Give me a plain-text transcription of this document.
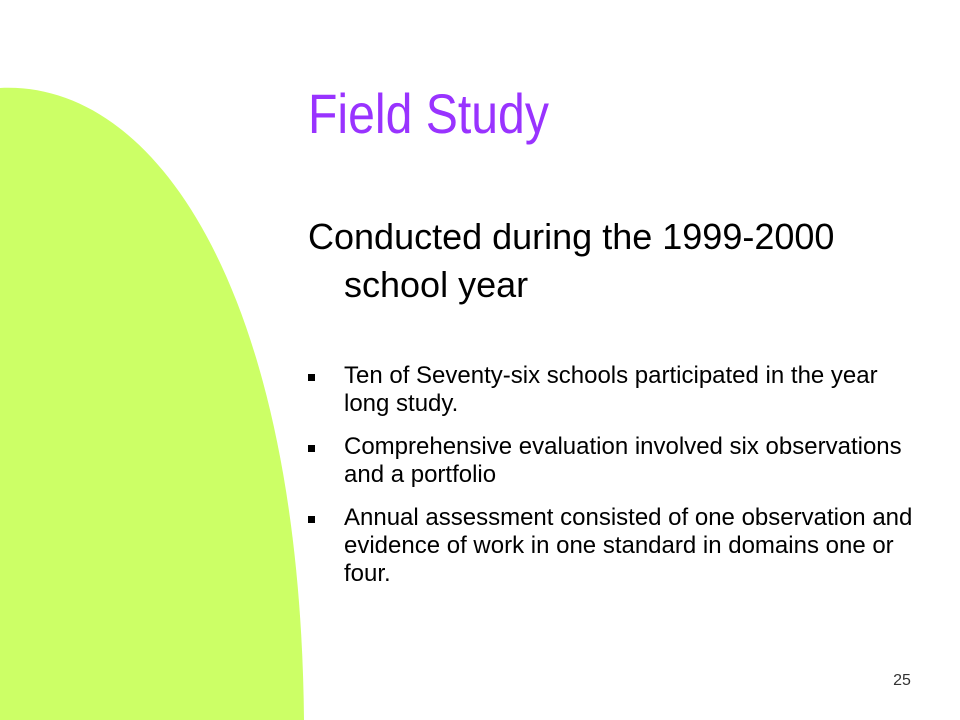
Field Study

Conducted during the 1999-2000 school year

Ten of Seventy-six schools participated in the year long study.
Comprehensive evaluation involved six observations and a portfolio
Annual assessment consisted of one observation and evidence of work in one standard in domains one or four.
25
